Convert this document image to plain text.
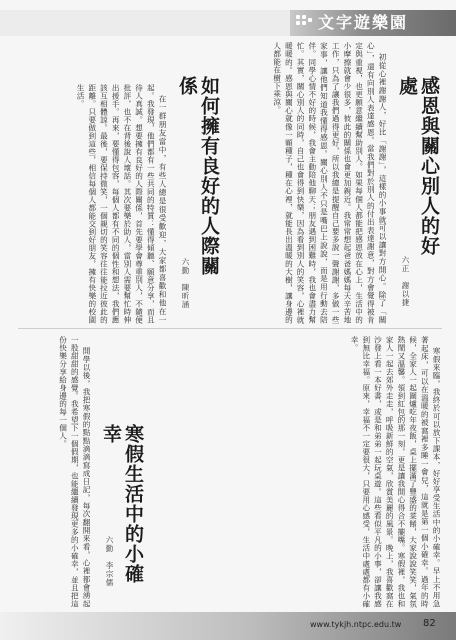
文字遊樂園
感恩與關心別人的好處
六正　謝以捷

初從心裡謝謝人，好比「謝謝」，這樣的小事就可以讓對方開心。除了「關心」，還有向別人表達感恩。當我們對於別人的付出表達謝意，對方會覺得被肯定與重視，也更願意繼續幫助別人。如果每個人都能把感恩放在心上，生活中的小摩擦就會少很多，彼此的關係也會更加親近。我常常想起爸爸媽媽每天辛苦地工作，只為了讓我們過得更好，所以我總是提醒自己要多說一聲謝謝，多做一些家事，讓他們知道我懂得感恩。關心別人不只是嘴巴上說說，而是用行動去陪伴。同學心情不好的時候，我會主動陪他聊天；朋友遇到困難時，我也會盡力幫忙。其實，關心別人的同時，自己也會得到快樂，因為看到別人的笑容，心裡就暖暖的。感恩與關心就像一顆種子，種在心裡，就能長出溫暖的大樹，讓身邊的人都能在樹下乘涼。

如何擁有良好的人際關係
六勤　陳昕涵

在一群朋友當中，有些人總是很受歡迎，大家都喜歡和他在一起。我發現，他們都有一些共同的特質：懂得傾聽、願意分享，而且待人真誠。想要擁有良好的人際關係，首先要學會尊重別人，不隨便批評，也不在背後說人壞話。其次要樂於助人，當別人需要幫忙時伸出援手。再來，要懂得包容，每個人都有不同的個性和想法，我們應該互相體諒。最後，要保持微笑，一個親切的笑容往往能拉近彼此的距離。只要做到這些，相信每個人都能交到好朋友，擁有快樂的校園生活。

寒假生活中的小確幸
六勤　李宗儒	寒假來臨，我終於可以放下課本，好好享受生活中的小確幸。早上不用急著起床，可以在溫暖的被窩裡多睡一會兒，這就是第一個小確幸。過年的時候，全家人一起圍爐吃年夜飯，桌上擺滿了豐盛的菜餚，大家說說笑笑，氣氛熱鬧又溫馨。領到紅包的那一刻，更是讓我開心得合不攏嘴。寒假裡，我也和家人一起去郊外走走，呼吸新鮮的空氣，欣賞美麗的風景。晚上，我喜歡窩在沙發上看一本好書，或是和弟弟一起玩桌遊。這些看似平凡的小事，卻讓我感到無比幸福。原來，幸福不一定要很大，只要用心感受，生活中處處都有小確幸。

開學以後，我把寒假的點點滴滴寫成日記，每次翻開來看，心裡都會湧起一股甜甜的感覺。我希望下一個假期，也能繼續發現更多的小確幸，並且把這份快樂分享給身邊的每一個人。

www.tykjh.ntpc.edu.tw 82
